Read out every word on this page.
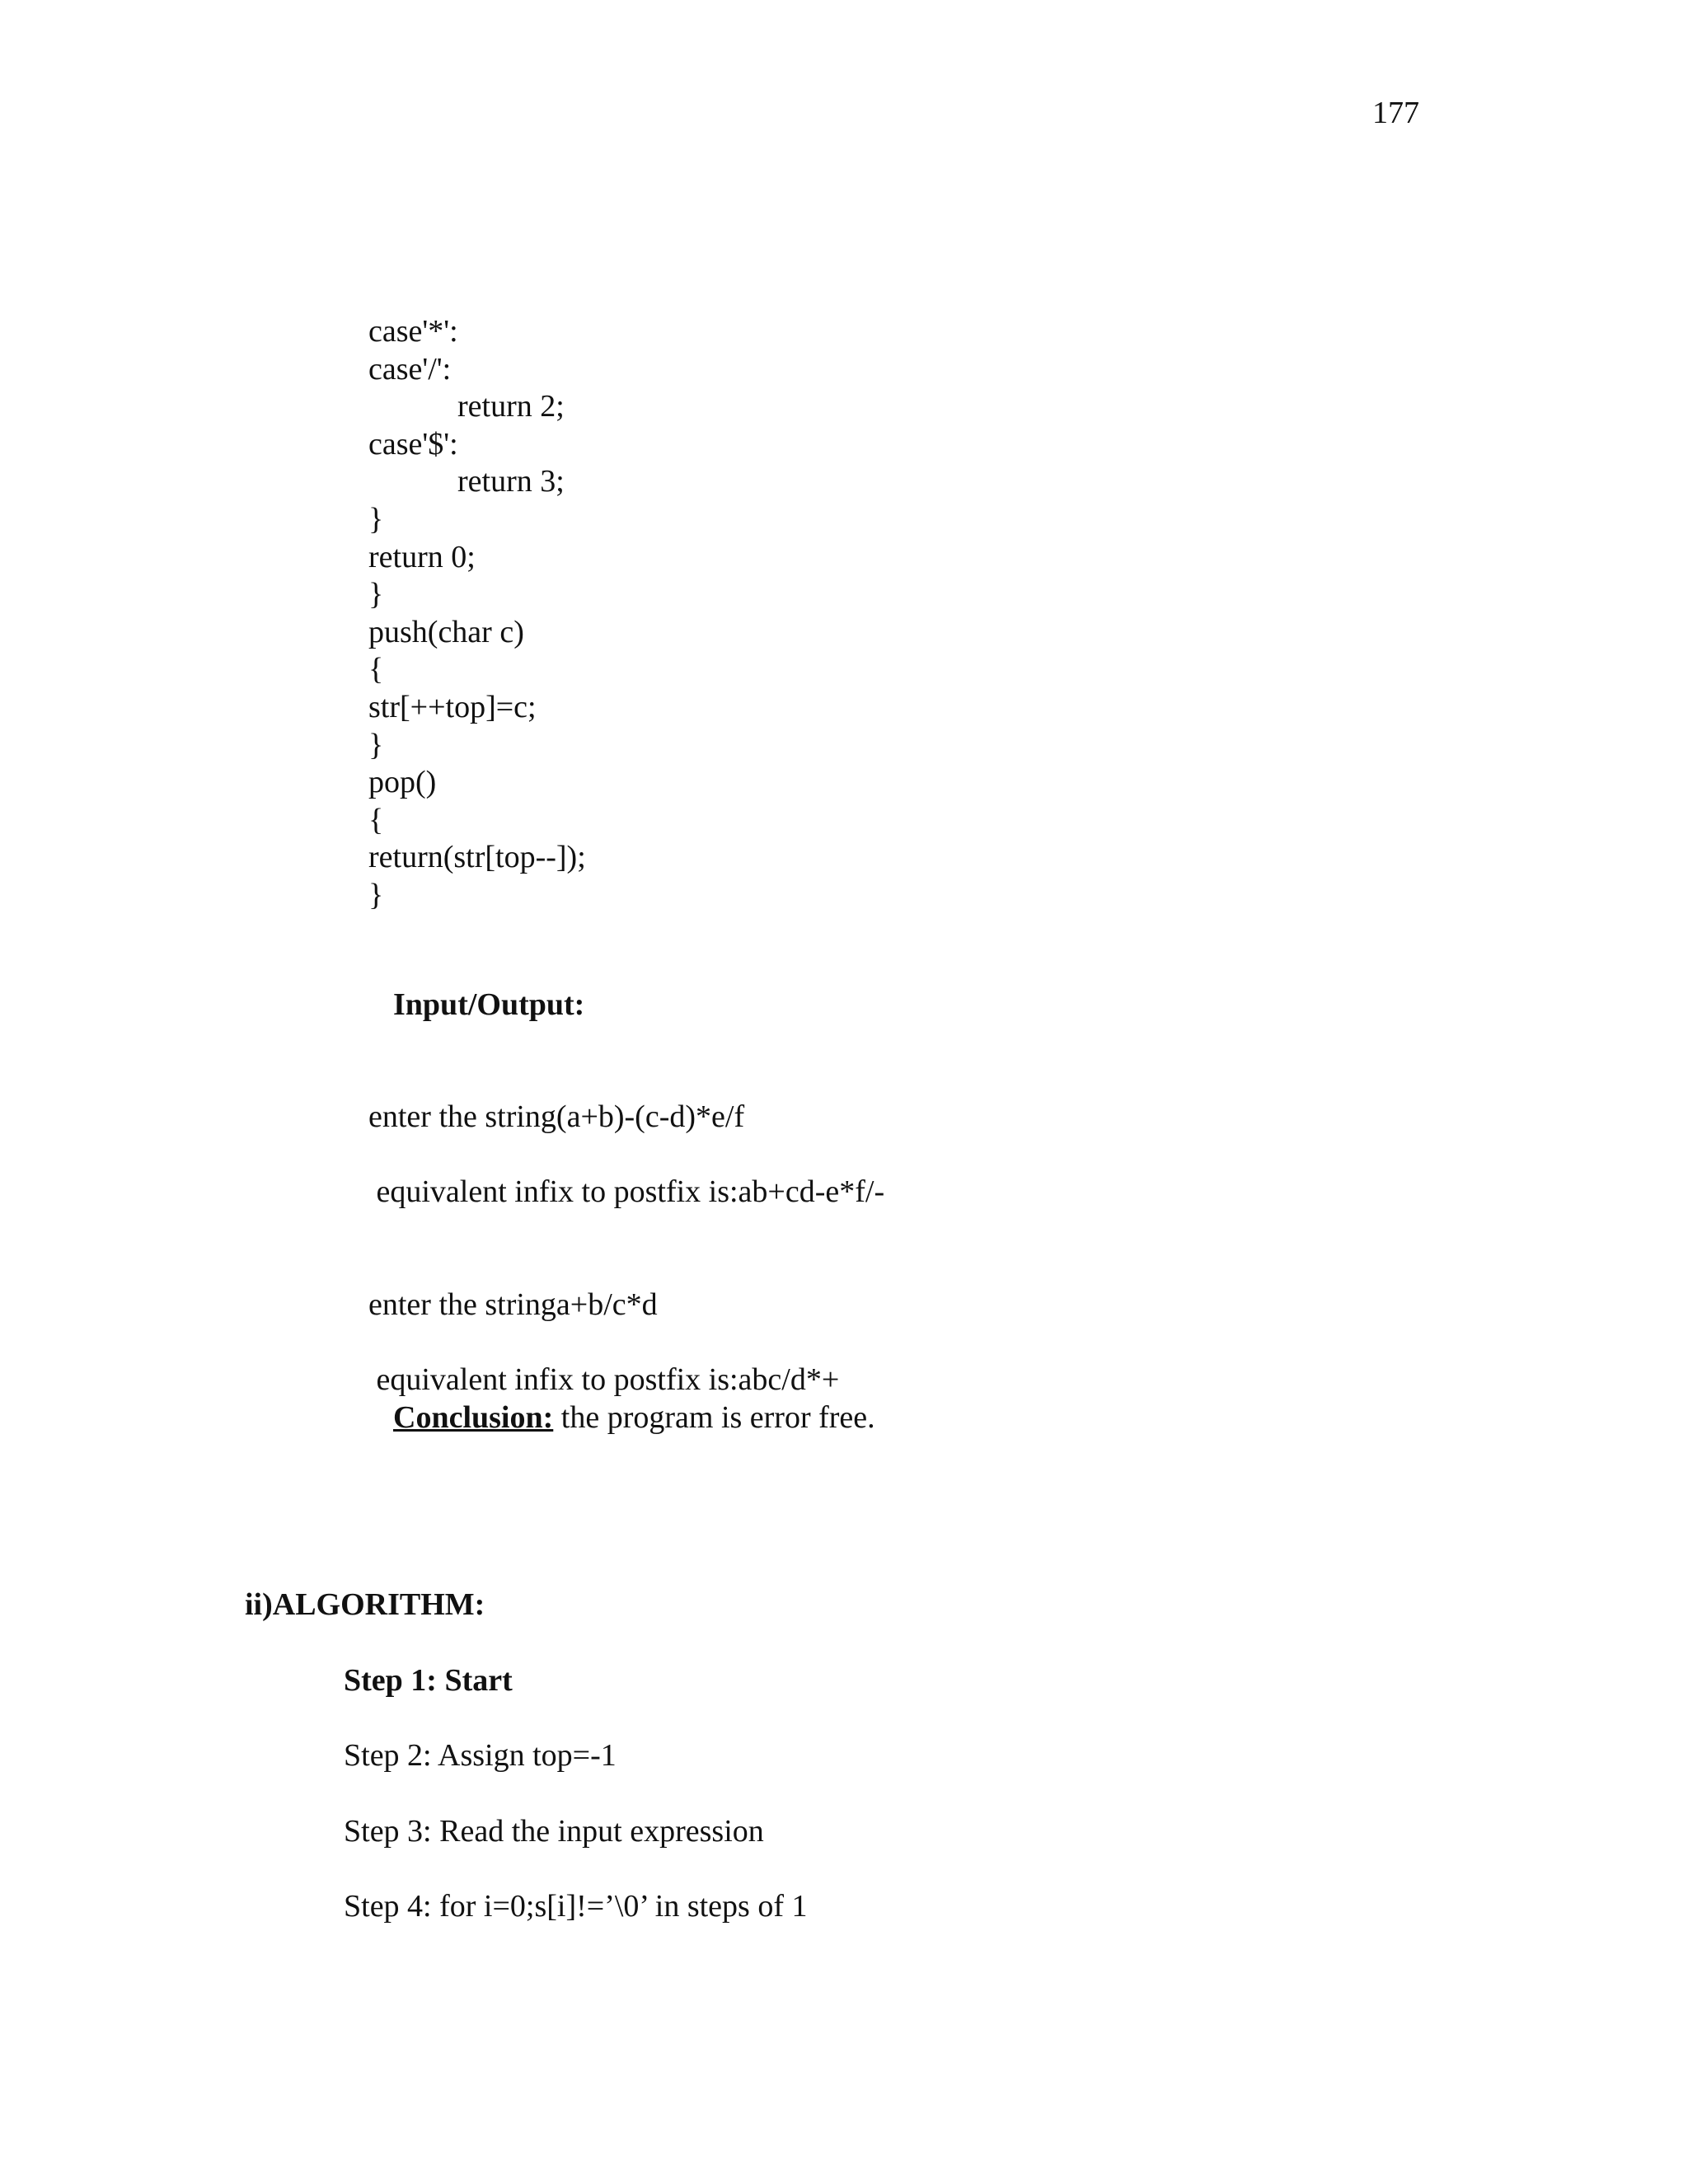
177
case'*':
case'/':
return 2;
case'$':
return 3;
}
return 0;
}
push(char c)
{
str[++top]=c;
}
pop()
{
return(str[top--]);
}
Input/Output:
enter the string(a+b)-(c-d)*e/f
equivalent infix to postfix is:ab+cd-e*f/-
enter the stringa+b/c*d
equivalent infix to postfix is:abc/d*+
Conclusion: the program is error free.
ii)ALGORITHM:
Step 1: Start
Step 2: Assign top=-1
Step 3: Read the input expression
Step 4: for i=0;s[i]!=’\0’ in steps of 1
